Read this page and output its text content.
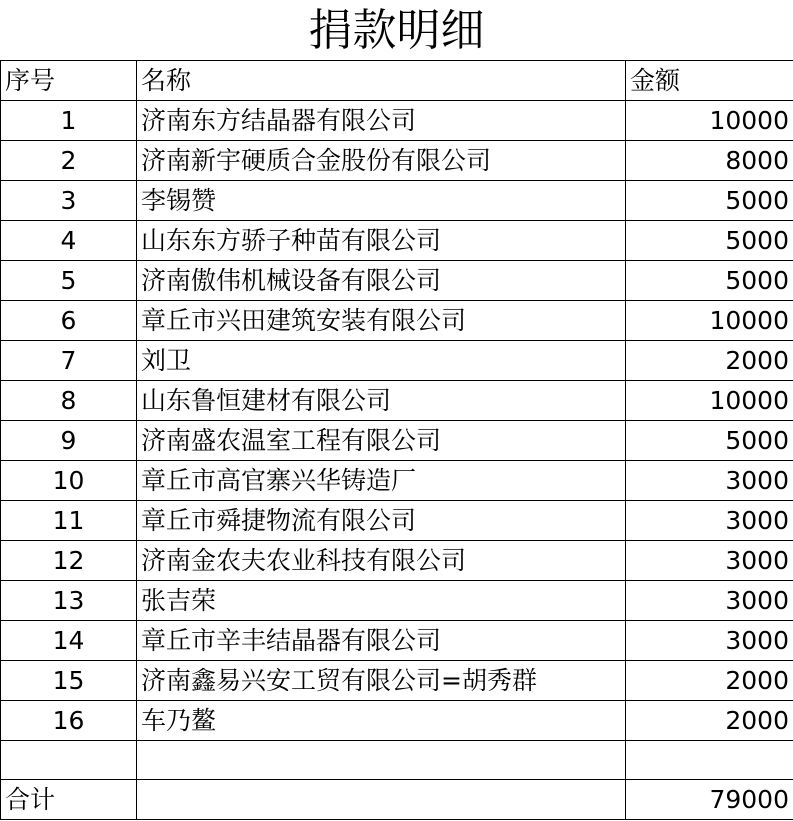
捐款明细
序号	名称	金额
1	济南东方结晶器有限公司	10000
2	济南新宇硬质合金股份有限公司	8000
3	李锡赞	5000
4	山东东方骄子种苗有限公司	5000
5	济南傲伟机械设备有限公司	5000
6	章丘市兴田建筑安装有限公司	10000
7	刘卫	2000
8	山东鲁恒建材有限公司	10000
9	济南盛农温室工程有限公司	5000
10	章丘市高官寨兴华铸造厂	3000
11	章丘市舜捷物流有限公司	3000
12	济南金农夫农业科技有限公司	3000
13	张吉荣	3000
14	章丘市辛丰结晶器有限公司	3000
15	济南鑫易兴安工贸有限公司=胡秀群	2000
16	车乃鳌	2000

合计		79000
